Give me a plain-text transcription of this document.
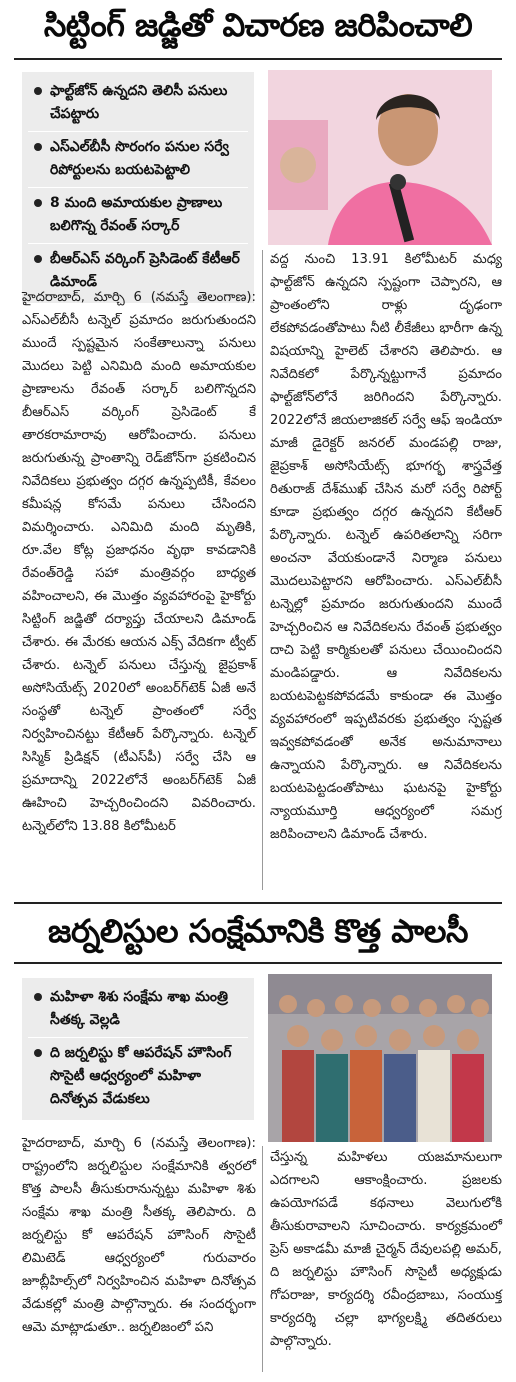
సిట్టింగ్ జడ్జితో విచారణ జరిపించాలి
ఫాల్ట్‌జోన్ ఉన్నదని తెలిసీ పనులు చేపట్టారు
ఎస్ఎల్‌బీసీ సొరంగం పనుల సర్వే రిపోర్టులను బయటపెట్టాలి
8 మంది అమాయకుల ప్రాణాలు బలిగొన్న రేవంత్ సర్కార్
బీఆర్ఎస్ వర్కింగ్ ప్రెసిడెంట్ కేటీఆర్ డిమాండ్

హైదరాబాద్, మార్చి 6 (నమస్తే తెలంగాణ): ఎస్ఎల్‌బీసీ టన్నెల్ ప్రమాదం జరుగుతుందని ముందే స్పష్టమైన సంకేతాలున్నా పనులు మొదలు పెట్టి ఎనిమిది మంది అమాయకుల ప్రాణాలను రేవంత్ సర్కార్ బలిగొన్నదని బీఆర్ఎస్ వర్కింగ్ ప్రెసిడెంట్ కే తారకరామారావు ఆరోపించారు. పనులు జరుగుతున్న ప్రాంతాన్ని రెడ్‌జోన్‌గా ప్రకటించిన నివేదికలు ప్రభుత్వం దగ్గర ఉన్నప్పటికీ, కేవలం కమీషన్ల కోసమే పనులు చేసిందని విమర్శించారు. ఎనిమిది మంది మృతికి, రూ.వేల కోట్ల ప్రజాధనం వృథా కావడానికి రేవంత్‌రెడ్డి సహా మంత్రివర్గం బాధ్యత వహించాలని, ఈ మొత్తం వ్యవహారంపై హైకోర్టు సిట్టింగ్ జడ్జితో దర్యాప్తు చేయాలని డిమాండ్ చేశారు. ఈ మేరకు ఆయన ఎక్స్ వేదికగా ట్వీట్ చేశారు. టన్నెల్ పనులు చేస్తున్న జైప్రకాశ్ అసోసియేట్స్ 2020లో అంబర్‌గ్‌టెక్ ఏజీ అనే సంస్థతో టన్నెల్ ప్రాంతంలో సర్వే నిర్వహించినట్టు కేటీఆర్ పేర్కొన్నారు. టన్నెల్ సిస్మిక్ ప్రిడిక్షన్ (టీఎస్‌పీ) సర్వే చేసి ఆ ప్రమాదాన్ని 2022లోనే అంబర్‌గ్‌టెక్ ఏజీ ఊహించి హెచ్చరించిందని వివరించారు. టన్నెల్‌లోని 13.88 కిలోమీటర్

వద్ద నుంచి 13.91 కిలోమీటర్ మధ్య ఫాల్ట్‌జోన్ ఉన్నదని స్పష్టంగా చెప్పారని, ఆ ప్రాంతంలోని రాళ్లు దృఢంగా లేకపోవడంతోపాటు నీటి లీకేజీలు భారీగా ఉన్న విషయాన్ని హైలెట్ చేశారని తెలిపారు. ఆ నివేదికలో పేర్కొన్నట్టుగానే ప్రమాదం ఫాల్ట్‌జోన్‌లోనే జరిగిందని పేర్కొన్నారు. 2022లోనే జియలాజికల్ సర్వే ఆఫ్ ఇండియా మాజీ డైరెక్టర్ జనరల్ మండపల్లి రాజు, జైప్రకాశ్ అసోసియేట్స్ భూగర్భ శాస్త్రవేత్త రితురాజ్ దేశ్‌ముఖ్ చేసిన మరో సర్వే రిపోర్ట్ కూడా ప్రభుత్వం దగ్గర ఉన్నదని కేటీఆర్ పేర్కొన్నారు. టన్నెల్ ఉపరితలాన్ని సరిగా అంచనా వేయకుండానే నిర్మాణ పనులు మొదలుపెట్టారని ఆరోపించారు. ఎస్ఎల్‌బీసీ టన్నెల్లో ప్రమాదం జరుగుతుందని ముందే హెచ్చరించిన ఆ నివేదికలను రేవంత్ ప్రభుత్వం దాచి పెట్టి కార్మికులతో పనులు చేయించిందని మండిపడ్డారు. ఆ నివేదికలను బయటపెట్టకపోవడమే కాకుండా ఈ మొత్తం వ్యవహారంలో ఇప్పటివరకు ప్రభుత్వం స్పష్టత ఇవ్వకపోవడంతో అనేక అనుమానాలు ఉన్నాయని పేర్కొన్నారు. ఆ నివేదికలను బయటపెట్టడంతోపాటు ఘటనపై హైకోర్టు న్యాయమూర్తి ఆధ్వర్యంలో సమగ్ర జరిపించాలని డిమాండ్ చేశారు.

జర్నలిస్టుల సంక్షేమానికి కొత్త పాలసీ
మహిళా శిశు సంక్షేమ శాఖ మంత్రి సీతక్క వెల్లడి
ది జర్నలిస్టు కో ఆపరేషన్ హౌసింగ్ సొసైటీ ఆధ్వర్యంలో మహిళా దినోత్సవ వేడుకలు

హైదరాబాద్, మార్చి 6 (నమస్తే తెలంగాణ): రాష్ట్రంలోని జర్నలిస్టుల సంక్షేమానికి త్వరలో కొత్త పాలసీ తీసుకురానున్నట్టు మహిళా శిశు సంక్షేమ శాఖ మంత్రి సీతక్క తెలిపారు. ది జర్నలిస్టు కో ఆపరేషన్ హౌసింగ్ సొసైటీ లిమిటెడ్ ఆధ్వర్యంలో గురువారం జూబ్లీహిల్స్‌లో నిర్వహించిన మహిళా దినోత్సవ వేడుకల్లో మంత్రి పాల్గొన్నారు. ఈ సందర్భంగా ఆమె మాట్లాడుతూ.. జర్నలిజంలో పని

చేస్తున్న మహిళలు యజమానులుగా ఎదగాలని ఆకాంక్షించారు. ప్రజలకు ఉపయోగపడే కథనాలు వెలుగులోకి తీసుకురావాలని సూచించారు. కార్యక్రమంలో ప్రెస్ అకాడమీ మాజీ చైర్మన్ దేవులపల్లి అమర్, ది జర్నలిస్టు హౌసింగ్ సొసైటీ అధ్యక్షుడు గోపరాజు, కార్యదర్శి రవీంద్రబాబు, సంయుక్త కార్యదర్శి చల్లా భాగ్యలక్ష్మి తదితరులు పాల్గొన్నారు.
